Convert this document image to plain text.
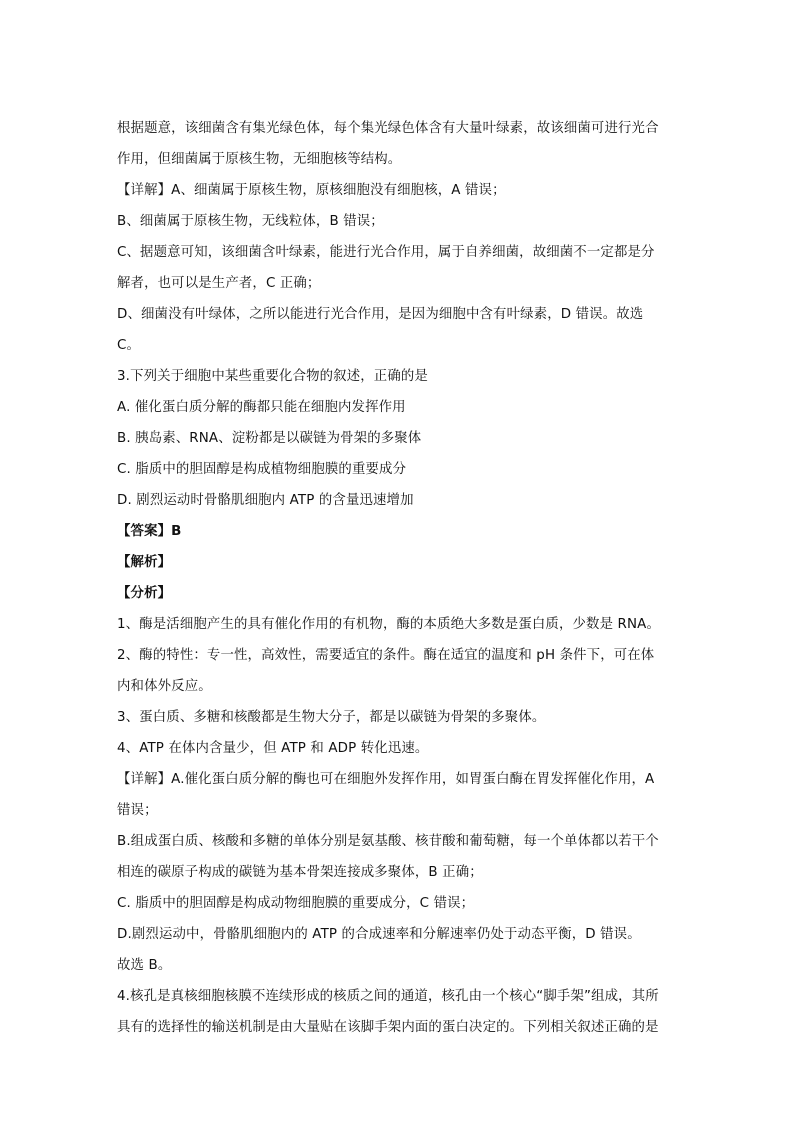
根据题意，该细菌含有集光绿色体，每个集光绿色体含有大量叶绿素，故该细菌可进行光合
作用，但细菌属于原核生物，无细胞核等结构。
【详解】A、细菌属于原核生物，原核细胞没有细胞核，A 错误；
B、细菌属于原核生物，无线粒体，B 错误；
C、据题意可知，该细菌含叶绿素，能进行光合作用，属于自养细菌，故细菌不一定都是分
解者，也可以是生产者，C 正确；
D、细菌没有叶绿体，之所以能进行光合作用，是因为细胞中含有叶绿素，D 错误。故选
C。
3.下列关于细胞中某些重要化合物的叙述，正确的是
A. 催化蛋白质分解的酶都只能在细胞内发挥作用
B. 胰岛素、RNA、淀粉都是以碳链为骨架的多聚体
C. 脂质中的胆固醇是构成植物细胞膜的重要成分
D. 剧烈运动时骨骼肌细胞内 ATP 的含量迅速增加
【答案】B
【解析】
【分析】
1、酶是活细胞产生的具有催化作用的有机物，酶的本质绝大多数是蛋白质，少数是 RNA。
2、酶的特性：专一性，高效性，需要适宜的条件。酶在适宜的温度和 pH 条件下，可在体
内和体外反应。
3、蛋白质、多糖和核酸都是生物大分子，都是以碳链为骨架的多聚体。
4、ATP 在体内含量少，但 ATP 和 ADP 转化迅速。
【详解】A.催化蛋白质分解的酶也可在细胞外发挥作用，如胃蛋白酶在胃发挥催化作用，A
错误；
B.组成蛋白质、核酸和多糖的单体分别是氨基酸、核苷酸和葡萄糖，每一个单体都以若干个
相连的碳原子构成的碳链为基本骨架连接成多聚体，B 正确；
C. 脂质中的胆固醇是构成动物细胞膜的重要成分，C 错误；
D.剧烈运动中，骨骼肌细胞内的 ATP 的合成速率和分解速率仍处于动态平衡，D 错误。
故选 B。
4.核孔是真核细胞核膜不连续形成的核质之间的通道，核孔由一个核心“脚手架”组成，其所
具有的选择性的输送机制是由大量贴在该脚手架内面的蛋白决定的。下列相关叙述正确的是
